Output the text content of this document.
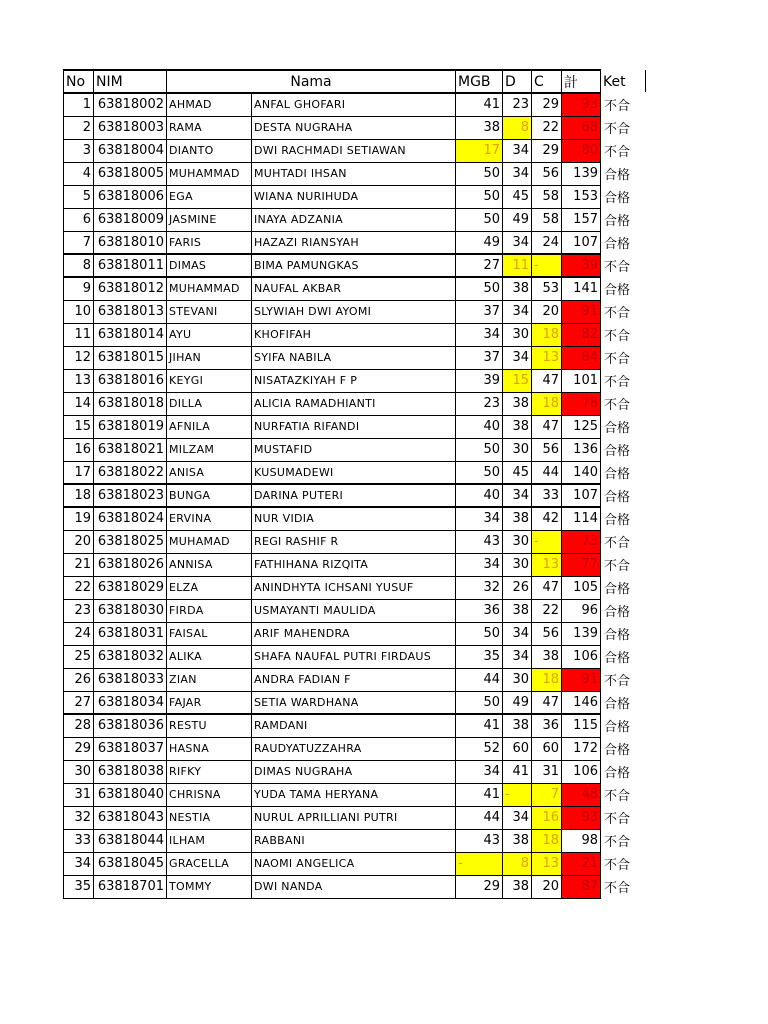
No	NIM	Nama		MGB	D	C	計	Ket
1	63818002	AHMAD	ANFAL GHOFARI	41	23	29	93	不合
2	63818003	RAMA	DESTA NUGRAHA	38	8	22	68	不合
3	63818004	DIANTO	DWI RACHMADI SETIAWAN	17	34	29	80	不合
4	63818005	MUHAMMAD	MUHTADI IHSAN	50	34	56	139	合格
5	63818006	EGA	WIANA NURIHUDA	50	45	58	153	合格
6	63818009	JASMINE	INAYA ADZANIA	50	49	58	157	合格
7	63818010	FARIS	HAZAZI RIANSYAH	49	34	24	107	合格
8	63818011	DIMAS	BIMA PAMUNGKAS	27	11	-	39	不合
9	63818012	MUHAMMAD	NAUFAL AKBAR	50	38	53	141	合格
10	63818013	STEVANI	SLYWIAH DWI AYOMI	37	34	20	91	不合
11	63818014	AYU	KHOFIFAH	34	30	18	82	不合
12	63818015	JIHAN	SYIFA NABILA	37	34	13	84	不合
13	63818016	KEYGI	NISATAZKIYAH F P	39	15	47	101	不合
14	63818018	DILLA	ALICIA RAMADHIANTI	23	38	18	78	不合
15	63818019	AFNILA	NURFATIA RIFANDI	40	38	47	125	合格
16	63818021	MILZAM	MUSTAFID	50	30	56	136	合格
17	63818022	ANISA	KUSUMADEWI	50	45	44	140	合格
18	63818023	BUNGA	DARINA PUTERI	40	34	33	107	合格
19	63818024	ERVINA	NUR VIDIA	34	38	42	114	合格
20	63818025	MUHAMAD	REGI RASHIF R	43	30	-	73	不合
21	63818026	ANNISA	FATHIHANA RIZQITA	34	30	13	77	不合
22	63818029	ELZA	ANINDHYTA ICHSANI YUSUF	32	26	47	105	合格
23	63818030	FIRDA	USMAYANTI MAULIDA	36	38	22	96	合格
24	63818031	FAISAL	ARIF MAHENDRA	50	34	56	139	合格
25	63818032	ALIKA	SHAFA NAUFAL PUTRI FIRDAUS	35	34	38	106	合格
26	63818033	ZIAN	ANDRA FADIAN F	44	30	18	91	不合
27	63818034	FAJAR	SETIA WARDHANA	50	49	47	146	合格
28	63818036	RESTU	RAMDANI	41	38	36	115	合格
29	63818037	HASNA	RAUDYATUZZAHRA	52	60	60	172	合格
30	63818038	RIFKY	DIMAS NUGRAHA	34	41	31	106	合格
31	63818040	CHRISNA	YUDA TAMA HERYANA	41	-	7	48	不合
32	63818043	NESTIA	NURUL APRILLIANI PUTRI	44	34	16	93	不合
33	63818044	ILHAM	RABBANI	43	38	18	98	不合
34	63818045	GRACELLA	NAOMI ANGELICA	-	8	13	21	不合
35	63818701	TOMMY	DWI NANDA	29	38	20	87	不合
